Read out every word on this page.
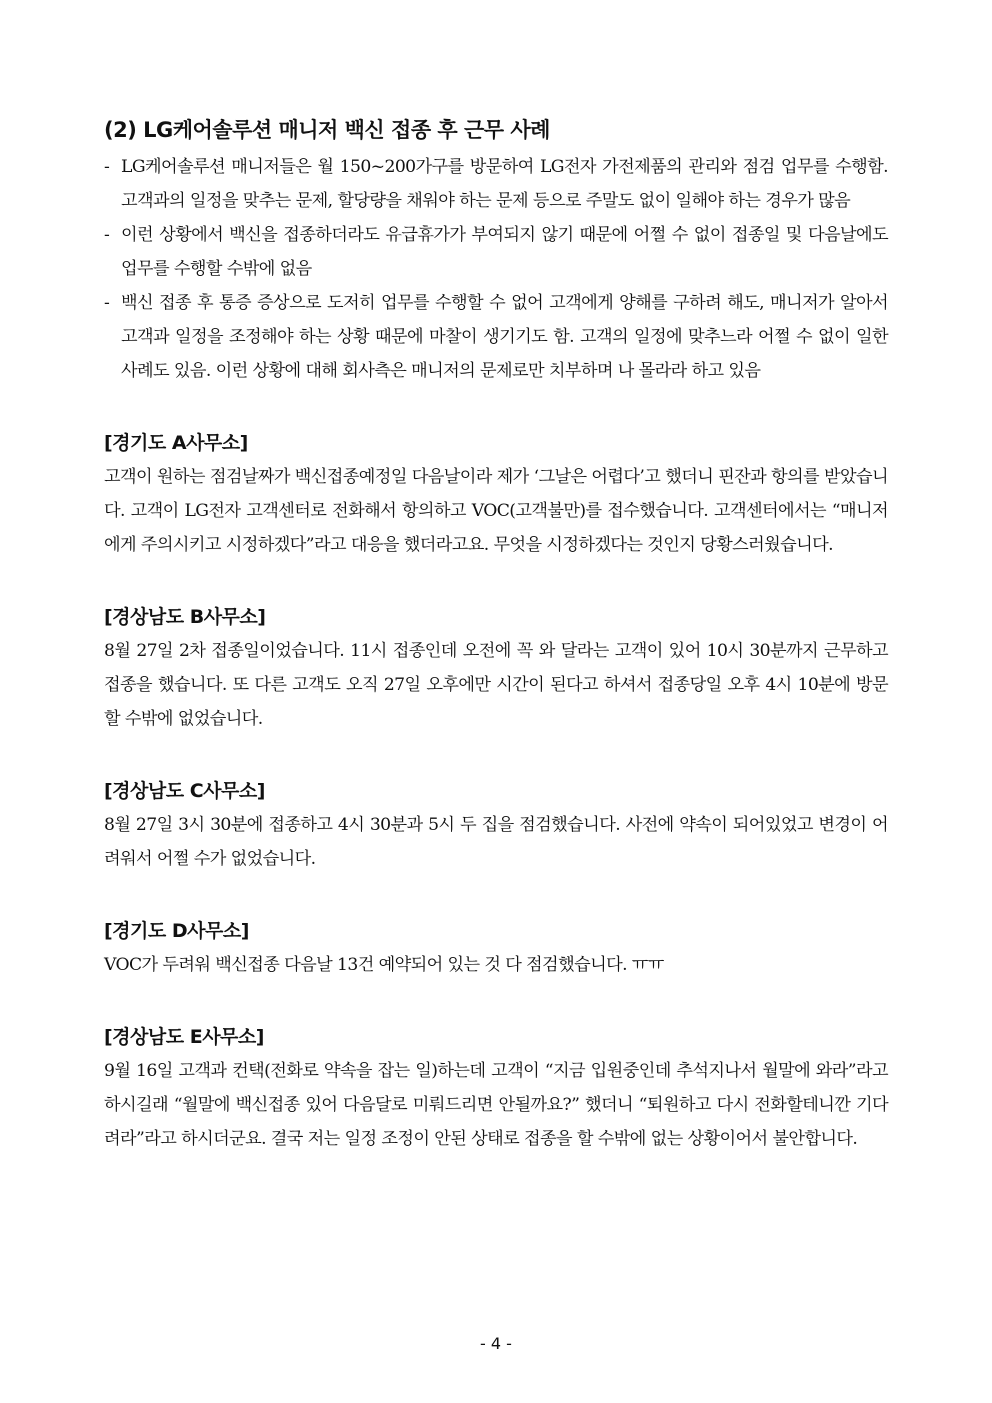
(2) LG케어솔루션 매니저 백신 접종 후 근무 사례
- LG케어솔루션 매니저들은 월 150~200가구를 방문하여 LG전자 가전제품의 관리와 점검 업무를 수행함. 고객과의 일정을 맞추는 문제, 할당량을 채워야 하는 문제 등으로 주말도 없이 일해야 하는 경우가 많음
- 이런 상황에서 백신을 접종하더라도 유급휴가가 부여되지 않기 때문에 어쩔 수 없이 접종일 및 다음날에도 업무를 수행할 수밖에 없음
- 백신 접종 후 통증 증상으로 도저히 업무를 수행할 수 없어 고객에게 양해를 구하려 해도, 매니저가 알아서 고객과 일정을 조정해야 하는 상황 때문에 마찰이 생기기도 함. 고객의 일정에 맞추느라 어쩔 수 없이 일한 사례도 있음. 이런 상황에 대해 회사측은 매니저의 문제로만 치부하며 나 몰라라 하고 있음
[경기도 A사무소]

고객이 원하는 점검날짜가 백신접종예정일 다음날이라 제가 ‘그날은 어렵다’고 했더니 핀잔과 항의를 받았습니다. 고객이 LG전자 고객센터로 전화해서 항의하고 VOC(고객불만)를 접수했습니다. 고객센터에서는 “매니저에게 주의시키고 시정하겠다”라고 대응을 했더라고요. 무엇을 시정하겠다는 것인지 당황스러웠습니다.

[경상남도 B사무소]

8월 27일 2차 접종일이었습니다. 11시 접종인데 오전에 꼭 와 달라는 고객이 있어 10시 30분까지 근무하고 접종을 했습니다. 또 다른 고객도 오직 27일 오후에만 시간이 된다고 하셔서 접종당일 오후 4시 10분에 방문할 수밖에 없었습니다.

[경상남도 C사무소]

8월 27일 3시 30분에 접종하고 4시 30분과 5시 두 집을 점검했습니다. 사전에 약속이 되어있었고 변경이 어려워서 어쩔 수가 없었습니다.

[경기도 D사무소]

VOC가 두려워 백신접종 다음날 13건 예약되어 있는 것 다 점검했습니다. ㅠㅠ

[경상남도 E사무소]

9월 16일 고객과 컨택(전화로 약속을 잡는 일)하는데 고객이 “지금 입원중인데 추석지나서 월말에 와라”라고 하시길래 “월말에 백신접종 있어 다음달로 미뤄드리면 안될까요?” 했더니 “퇴원하고 다시 전화할테니깐 기다려라”라고 하시더군요. 결국 저는 일정 조정이 안된 상태로 접종을 할 수밖에 없는 상황이어서 불안합니다.

- 4 -
